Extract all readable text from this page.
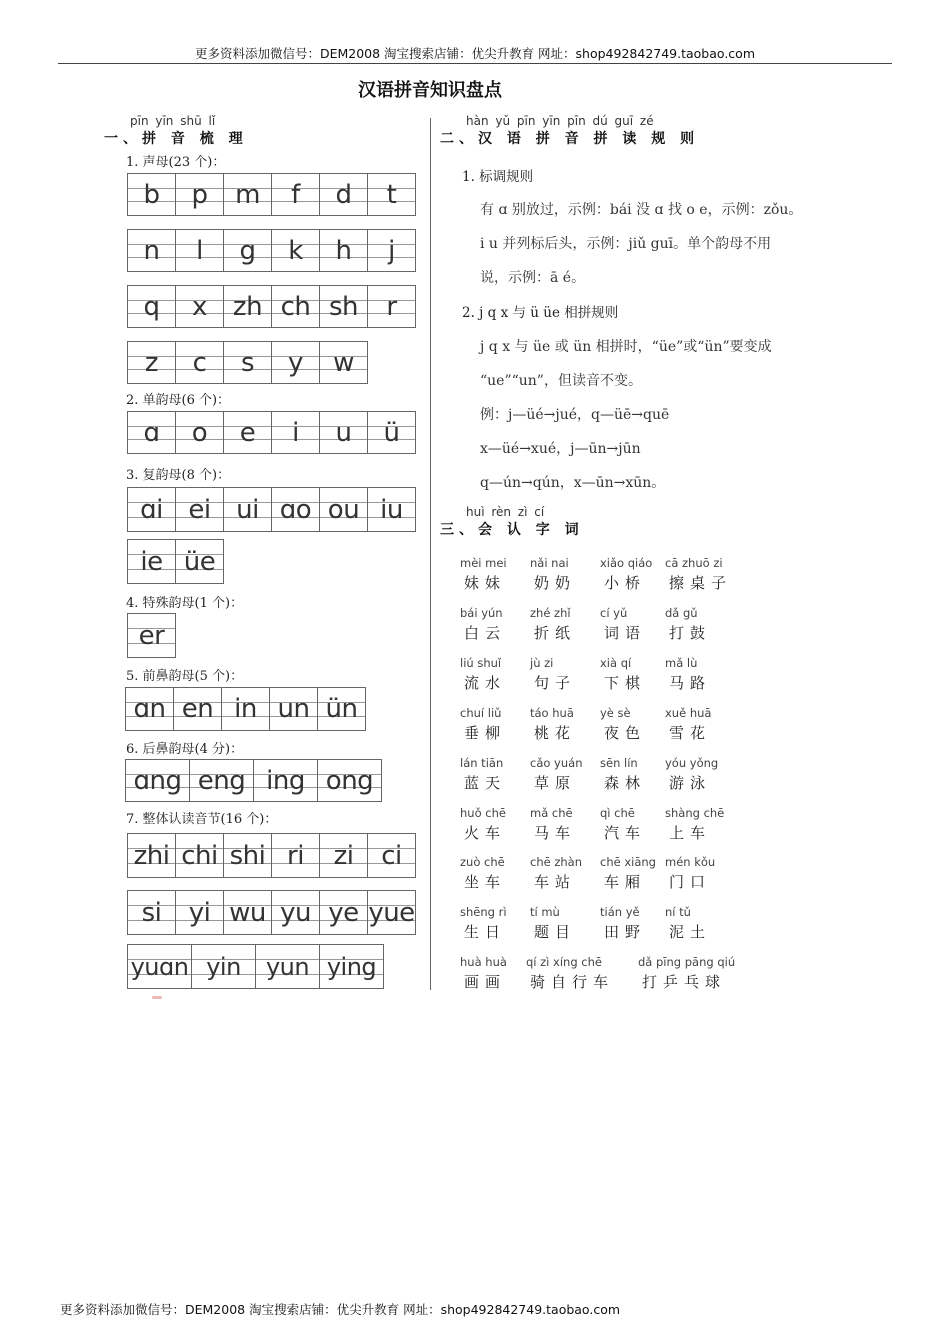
更多资料添加微信号：DEM2008 淘宝搜索店铺：优尖升教育 网址：shop492842749.taobao.com
汉语拼音知识盘点
pīn yīn shū lǐ
一、拼 音 梳 理
1. 声母(23 个)：
b p m f d t
n l g k h j
q x zh ch sh r
z c s y w
2. 单韵母(6 个)：
ɑ o e i u ü
3. 复韵母(8 个)：
ɑi ei ui ɑo ou iu
ie üe
4. 特殊韵母(1 个)：
er
5. 前鼻韵母(5 个)：
ɑn en in un ün
6. 后鼻韵母(4 分)：
ɑng eng ing ong
7. 整体认读音节(16 个)：
zhi chi shi ri zi ci
si yi wu yu ye yue
yuɑn yin yun ying
hàn yǔ pīn yīn pīn dú guī zé
二、汉 语 拼 音 拼 读 规 则
1. 标调规则
有 ɑ 别放过，示例：bái 没 ɑ 找 o e，示例：zǒu。
i u 并列标后头，示例：jiǔ guī。单个韵母不用
说，示例：ā é。
2. j q x 与 ü üe 相拼规则
j q x 与 üe 或 ün 相拼时，“üe”或“ün”要变成
“ue”“un”，但读音不变。
例：j—üé→jué，q—üē→quē
x—üé→xué，j—ūn→jūn
q—ún→qún，x—ūn→xūn。
huì rèn zì cí
三、会 认 字 词
mèi mei
妹妹
nǎi nai
奶奶
xiǎo qiáo
小桥
cā zhuō zi
擦桌子
bái yún
白云
zhé zhǐ
折纸
cí yǔ
词语
dǎ gǔ
打鼓
liú shuǐ
流水
jù zi
句子
xià qí
下棋
mǎ lù
马路
chuí liǔ
垂柳
táo huā
桃花
yè sè
夜色
xuě huā
雪花
lán tiān
蓝天
cǎo yuán
草原
sēn lín
森林
yóu yǒng
游泳
huǒ chē
火车
mǎ chē
马车
qì chē
汽车
shàng chē
上车
zuò chē
坐车
chē zhàn
车站
chē xiāng
车厢
mén kǒu
门口
shēng rì
生日
tí mù
题目
tián yě
田野
ní tǔ
泥土
huà huà
画画
qí zì xíng chē
骑自行车
dǎ pīng pāng qiú
打乒乓球
更多资料添加微信号：DEM2008 淘宝搜索店铺：优尖升教育 网址：shop492842749.taobao.com
